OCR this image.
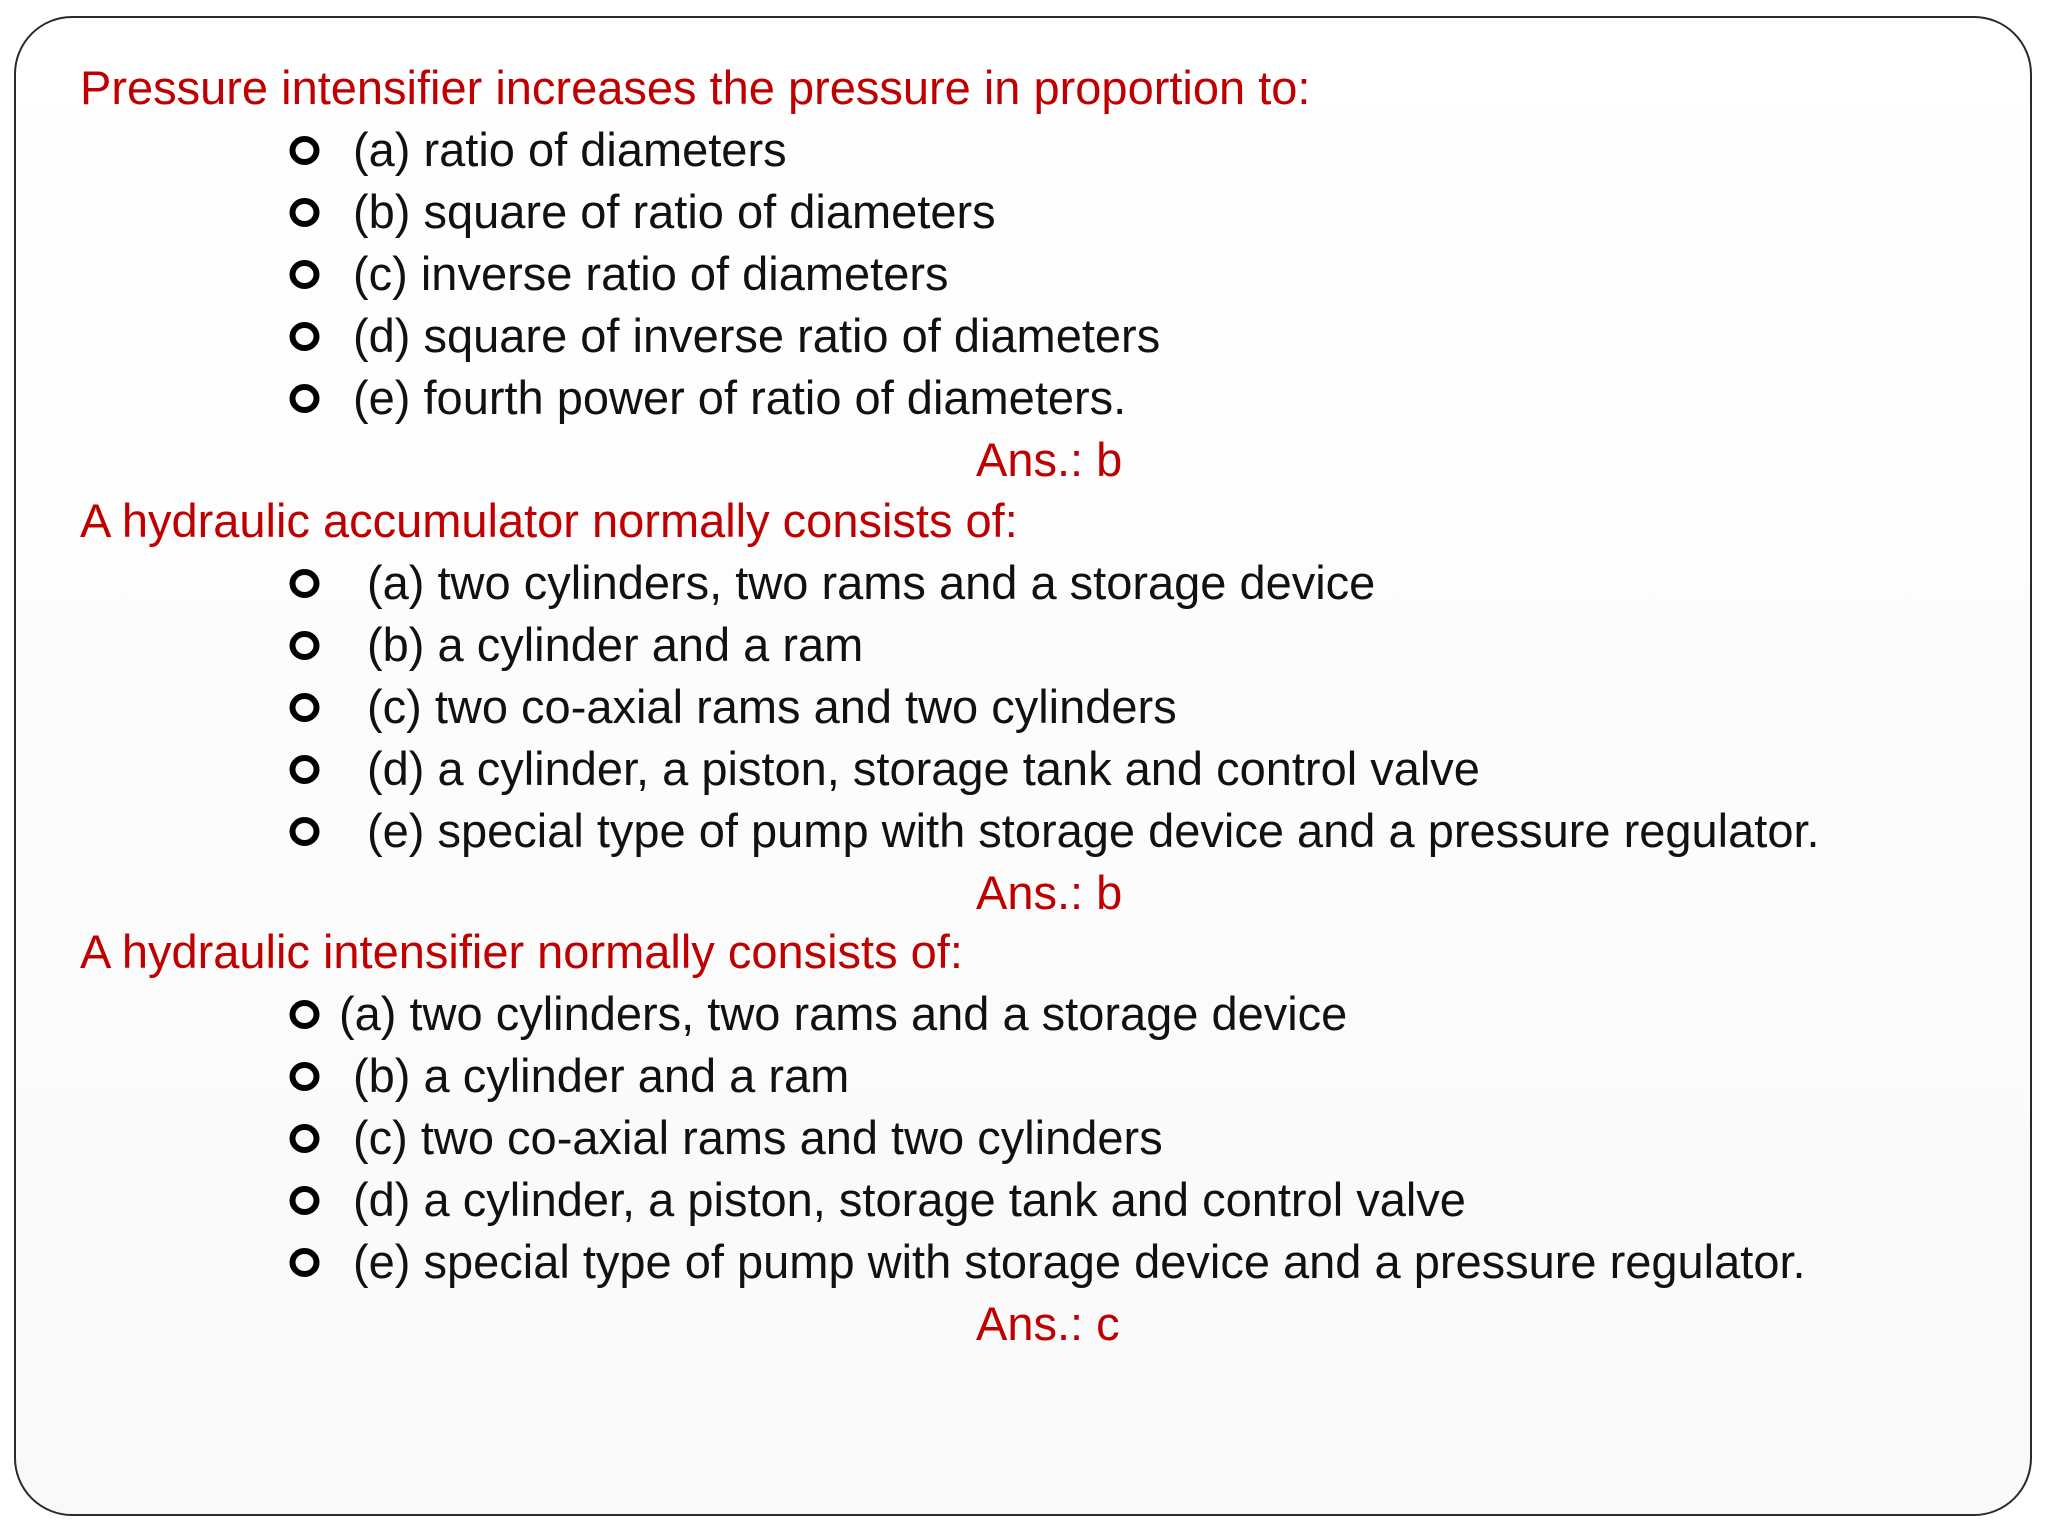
Pressure intensifier increases the pressure in proportion to:
(a) ratio of diameters
(b) square of ratio of diameters
(c) inverse ratio of diameters
(d) square of inverse ratio of diameters
(e) fourth power of ratio of diameters.
Ans.: b
A hydraulic accumulator normally consists of:
(a) two cylinders, two rams and a storage device
(b) a cylinder and a ram
(c) two co-axial rams and two cylinders
(d) a cylinder, a piston, storage tank and control valve
(e) special type of pump with storage device and a pressure regulator.
Ans.: b
A hydraulic intensifier normally consists of:
(a) two cylinders, two rams and a storage device
(b) a cylinder and a ram
(c) two co-axial rams and two cylinders
(d) a cylinder, a piston, storage tank and control valve
(e) special type of pump with storage device and a pressure regulator.
Ans.: c
